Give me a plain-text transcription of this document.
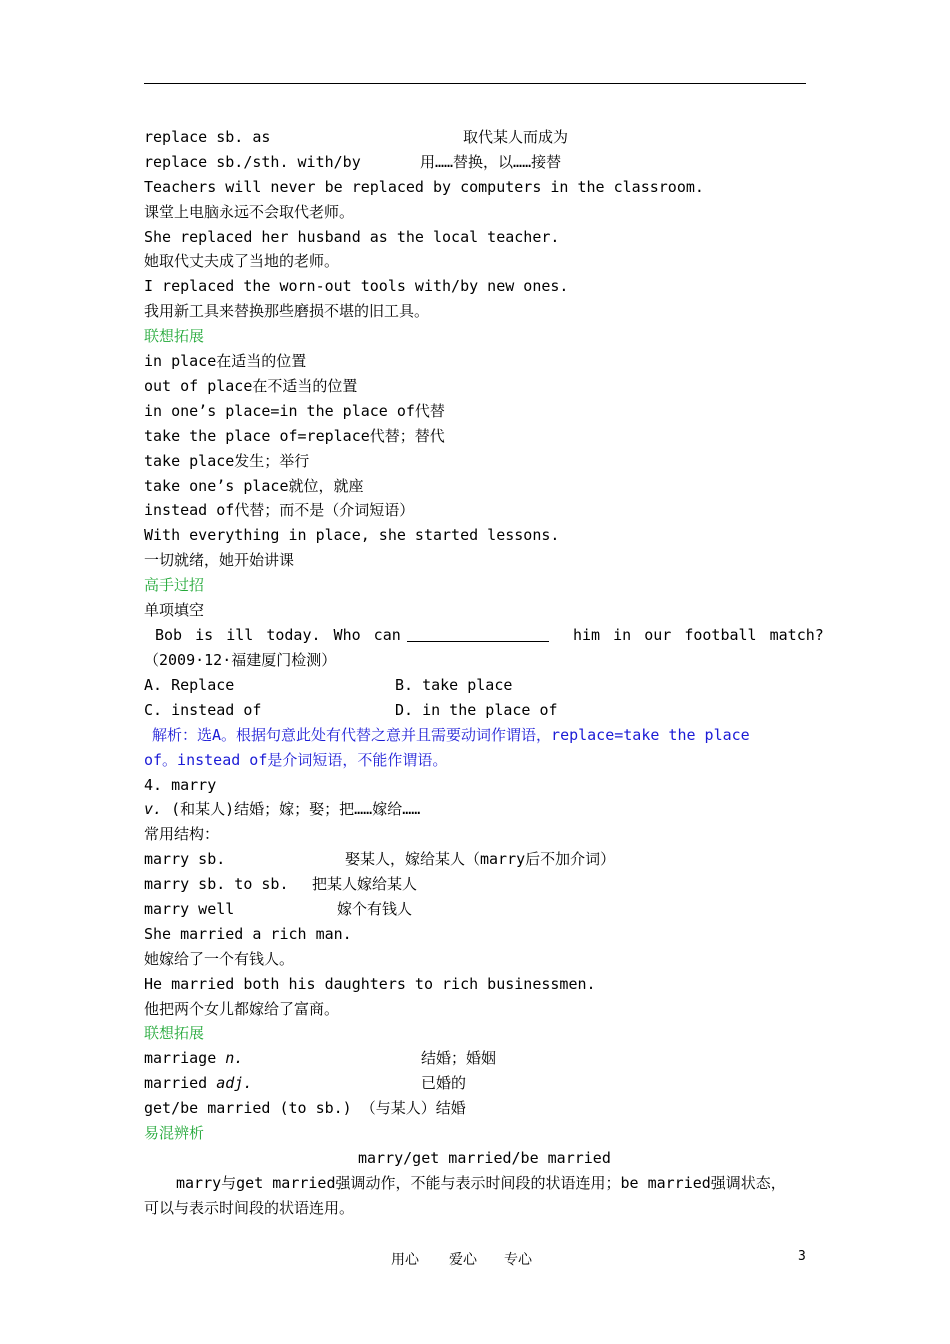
replace sb. as	取代某人而成为
replace sb./sth. with/by	用……替换，以……接替
Teachers will never be replaced by computers in the classroom.
课堂上电脑永远不会取代老师。
She replaced her husband as the local teacher.
她取代丈夫成了当地的老师。
I replaced the worn-out tools with/by new ones.
我用新工具来替换那些磨损不堪的旧工具。
联想拓展
in place在适当的位置
out of place在不适当的位置
in one’s place=in the place of代替
take the place of=replace代替；替代
take place发生；举行
take one’s place就位，就座
instead of代替；而不是（介词短语）
With everything in place, she started lessons.
一切就绪，她开始讲课
高手过招
单项填空
Bob is ill today. Who can	him in our football match?
（2009·12·福建厦门检测）
A. Replace	B. take place
C. instead of	D. in the place of
解析：选A。根据句意此处有代替之意并且需要动词作谓语，replace=take the place
of。instead of是介词短语，不能作谓语。
4. marry
v. (和某人)结婚；嫁；娶；把……嫁给……
常用结构：
marry sb.	娶某人，嫁给某人（marry后不加介词）
marry sb. to sb. 把某人嫁给某人
marry well	嫁个有钱人
She married a rich man.
她嫁给了一个有钱人。
He married both his daughters to rich businessmen.
他把两个女儿都嫁给了富商。
联想拓展
marriage n.	结婚；婚姻
married adj.	已婚的
get/be married (to sb.) （与某人）结婚
易混辨析
marry/get married/be married
marry与get married强调动作，不能与表示时间段的状语连用；be married强调状态，
可以与表示时间段的状语连用。
用心 爱心 专心	3
